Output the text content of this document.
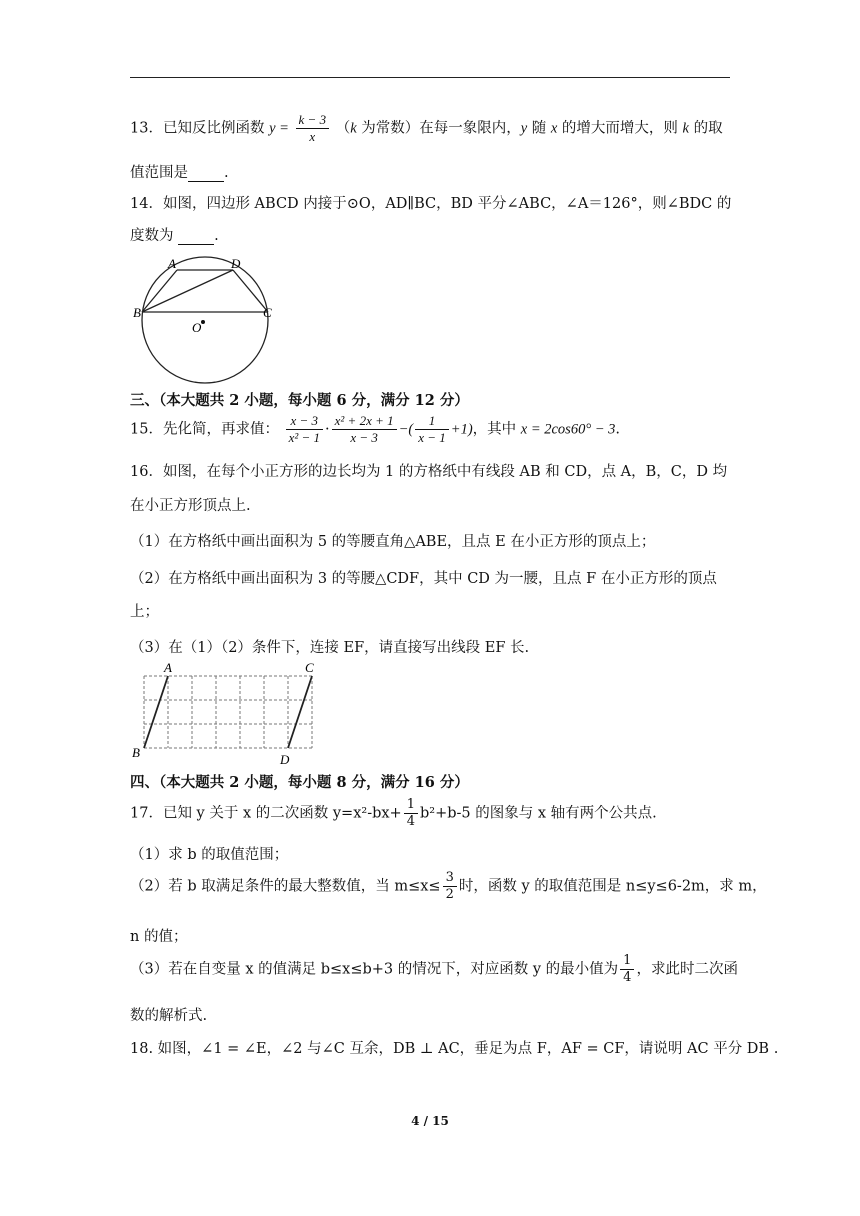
13．已知反比例函数 $y = \frac{k - 3}{x} (k$ 为常数）在每一象限内，y 随 x 的增大而增大，则 k 的取
值范围是 .
14．如图，四边形 ABCD 内接于⊙O，AD∥BC，BD 平分∠ABC，∠A＝126°，则∠BDC 的
度数为  .
A	D
B	C
O
三、（本大题共 2 小题，每小题 6 分，满分 12 分）
15．先化简，再求值： $\frac{x - 3}{\text{x² − 1}} \cdot \frac{\text{x² + 2x + 1}}{x - 3}$ −( $\frac{1}{x - 1} +1$)，其中 x = 2cos60° − 3.
16．如图，在每个小正方形的边长均为 1 的方格纸中有线段 AB 和 CD，点 A，B，C，D 均
在小正方形顶点上.
（1）在方格纸中画出面积为 5 的等腰直角△ABE，且点 E 在小正方形的顶点上；
（2）在方格纸中画出面积为 3 的等腰△CDF，其中 CD 为一腰，且点 F 在小正方形的顶点
上；
（3）在（1）（2）条件下，连接 EF，请直接写出线段 EF 长.
A
B
C
D
四、（本大题共 2 小题，每小题 8 分，满分 16 分）
17．已知 y 关于 x 的二次函数 $y=x^2-bx+ \frac{1}{4} b^2+b-5$ 的图象与 x 轴有两个公共点.
（1）求 b 的取值范围；
（2）若 b 取满足条件的最大整数值，当 $m\le x\le \frac{3}{2}$ 时，函数 y 的取值范围是 n≤y≤6-2m，求 m，
n 的值；
（3）若在自变量 x 的值满足 b≤x≤b+3 的情况下，对应函数 y 的最小值为 $\frac{1}{4}$ ，求此时二次函
数的解析式.
18. 如图，∠1 = ∠E，∠2 与∠C 互余，DB ⊥ AC，垂足为点 F，AF = CF，请说明 AC 平分 DB .
4 / 15
